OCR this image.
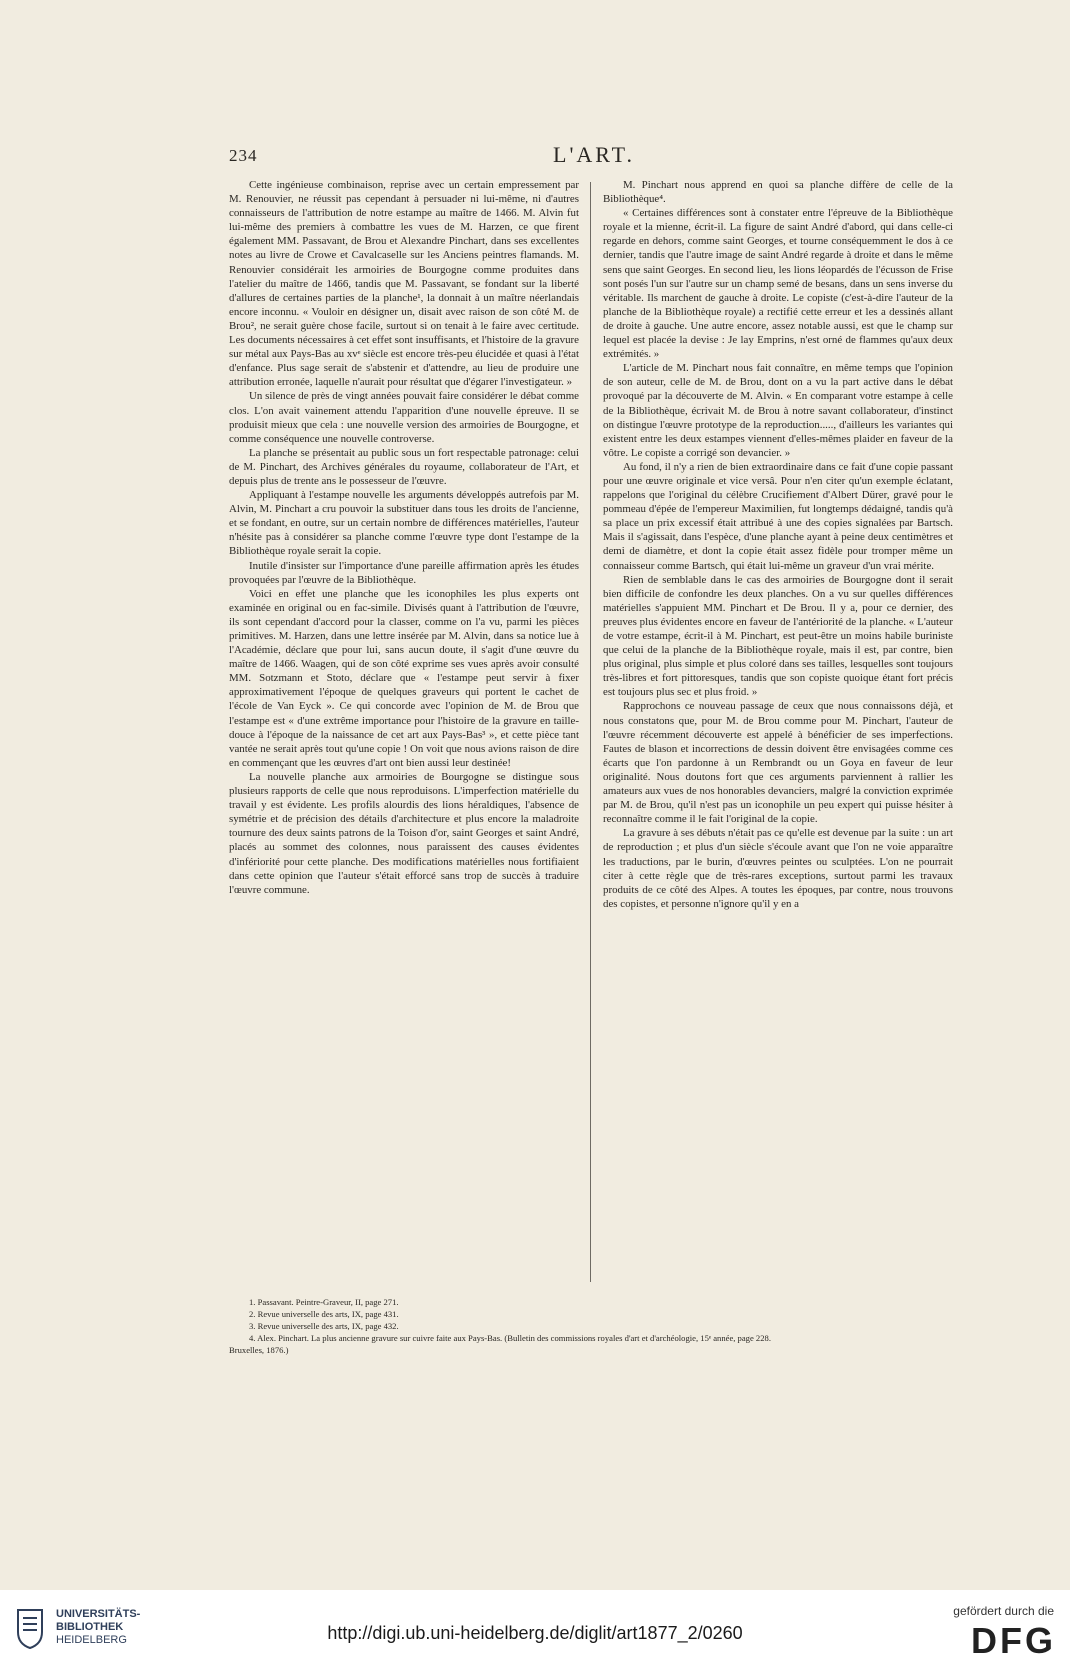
234	L'ART.

Cette ingénieuse combinaison, reprise avec un certain empressement par M. Renouvier, ne réussit pas cependant à persuader ni lui-même, ni d'autres connaisseurs de l'attribution de notre estampe au maître de 1466. M. Alvin fut lui-même des premiers à combattre les vues de M. Harzen, ce que firent également MM. Passavant, de Brou et Alexandre Pinchart, dans ses excellentes notes au livre de Crowe et Cavalcaselle sur les Anciens peintres flamands. M. Renouvier considérait les armoiries de Bourgogne comme produites dans l'atelier du maître de 1466, tandis que M. Passavant, se fondant sur la liberté d'allures de certaines parties de la planche¹, la donnait à un maître néerlandais encore inconnu. « Vouloir en désigner un, disait avec raison de son côté M. de Brou², ne serait guère chose facile, surtout si on tenait à le faire avec certitude. Les documents nécessaires à cet effet sont insuffisants, et l'histoire de la gravure sur métal aux Pays-Bas au xvᵉ siècle est encore très-peu élucidée et quasi à l'état d'enfance. Plus sage serait de s'abstenir et d'attendre, au lieu de produire une attribution erronée, laquelle n'aurait pour résultat que d'égarer l'investigateur. »

Un silence de près de vingt années pouvait faire considérer le débat comme clos. L'on avait vainement attendu l'apparition d'une nouvelle épreuve. Il se produisit mieux que cela : une nouvelle version des armoiries de Bourgogne, et comme conséquence une nouvelle controverse.

La planche se présentait au public sous un fort respectable patronage: celui de M. Pinchart, des Archives générales du royaume, collaborateur de l'Art, et depuis plus de trente ans le possesseur de l'œuvre.

Appliquant à l'estampe nouvelle les arguments développés autrefois par M. Alvin, M. Pinchart a cru pouvoir la substituer dans tous les droits de l'ancienne, et se fondant, en outre, sur un certain nombre de différences matérielles, l'auteur n'hésite pas à considérer sa planche comme l'œuvre type dont l'estampe de la Bibliothèque royale serait la copie.

Inutile d'insister sur l'importance d'une pareille affirmation après les études provoquées par l'œuvre de la Bibliothèque.

Voici en effet une planche que les iconophiles les plus experts ont examinée en original ou en fac-simile. Divisés quant à l'attribution de l'œuvre, ils sont cependant d'accord pour la classer, comme on l'a vu, parmi les pièces primitives. M. Harzen, dans une lettre insérée par M. Alvin, dans sa notice lue à l'Académie, déclare que pour lui, sans aucun doute, il s'agit d'une œuvre du maître de 1466. Waagen, qui de son côté exprime ses vues après avoir consulté MM. Sotzmann et Stoto, déclare que « l'estampe peut servir à fixer approximativement l'époque de quelques graveurs qui portent le cachet de l'école de Van Eyck ». Ce qui concorde avec l'opinion de M. de Brou que l'estampe est « d'une extrême importance pour l'histoire de la gravure en taille-douce à l'époque de la naissance de cet art aux Pays-Bas³ », et cette pièce tant vantée ne serait après tout qu'une copie ! On voit que nous avions raison de dire en commençant que les œuvres d'art ont bien aussi leur destinée!

La nouvelle planche aux armoiries de Bourgogne se distingue sous plusieurs rapports de celle que nous reproduisons. L'imperfection matérielle du travail y est évidente. Les profils alourdis des lions héraldiques, l'absence de symétrie et de précision des détails d'architecture et plus encore la maladroite tournure des deux saints patrons de la Toison d'or, saint Georges et saint André, placés au sommet des colonnes, nous paraissent des causes évidentes d'infériorité pour cette planche. Des modifications matérielles nous fortifiaient dans cette opinion que l'auteur s'était efforcé sans trop de succès à traduire l'œuvre commune.

M. Pinchart nous apprend en quoi sa planche diffère de celle de la Bibliothèque⁴.

« Certaines différences sont à constater entre l'épreuve de la Bibliothèque royale et la mienne, écrit-il. La figure de saint André d'abord, qui dans celle-ci regarde en dehors, comme saint Georges, et tourne conséquemment le dos à ce dernier, tandis que l'autre image de saint André regarde à droite et dans le même sens que saint Georges. En second lieu, les lions léopardés de l'écusson de Frise sont posés l'un sur l'autre sur un champ semé de besans, dans un sens inverse du véritable. Ils marchent de gauche à droite. Le copiste (c'est-à-dire l'auteur de la planche de la Bibliothèque royale) a rectifié cette erreur et les a dessinés allant de droite à gauche. Une autre encore, assez notable aussi, est que le champ sur lequel est placée la devise : Je lay Emprins, n'est orné de flammes qu'aux deux extrémités. »

L'article de M. Pinchart nous fait connaître, en même temps que l'opinion de son auteur, celle de M. de Brou, dont on a vu la part active dans le débat provoqué par la découverte de M. Alvin. « En comparant votre estampe à celle de la Bibliothèque, écrivait M. de Brou à notre savant collaborateur, d'instinct on distingue l'œuvre prototype de la reproduction....., d'ailleurs les variantes qui existent entre les deux estampes viennent d'elles-mêmes plaider en faveur de la vôtre. Le copiste a corrigé son devancier. »

Au fond, il n'y a rien de bien extraordinaire dans ce fait d'une copie passant pour une œuvre originale et vice versâ. Pour n'en citer qu'un exemple éclatant, rappelons que l'original du célèbre Crucifiement d'Albert Dürer, gravé pour le pommeau d'épée de l'empereur Maximilien, fut longtemps dédaigné, tandis qu'à sa place un prix excessif était attribué à une des copies signalées par Bartsch. Mais il s'agissait, dans l'espèce, d'une planche ayant à peine deux centimètres et demi de diamètre, et dont la copie était assez fidèle pour tromper même un connaisseur comme Bartsch, qui était lui-même un graveur d'un vrai mérite.

Rien de semblable dans le cas des armoiries de Bourgogne dont il serait bien difficile de confondre les deux planches. On a vu sur quelles différences matérielles s'appuient MM. Pinchart et De Brou. Il y a, pour ce dernier, des preuves plus évidentes encore en faveur de l'antériorité de la planche. « L'auteur de votre estampe, écrit-il à M. Pinchart, est peut-être un moins habile buriniste que celui de la planche de la Bibliothèque royale, mais il est, par contre, bien plus original, plus simple et plus coloré dans ses tailles, lesquelles sont toujours très-libres et fort pittoresques, tandis que son copiste quoique étant fort précis est toujours plus sec et plus froid. »

Rapprochons ce nouveau passage de ceux que nous connaissons déjà, et nous constatons que, pour M. de Brou comme pour M. Pinchart, l'auteur de l'œuvre récemment découverte est appelé à bénéficier de ses imperfections. Fautes de blason et incorrections de dessin doivent être envisagées comme ces écarts que l'on pardonne à un Rembrandt ou un Goya en faveur de leur originalité. Nous doutons fort que ces arguments parviennent à rallier les amateurs aux vues de nos honorables devanciers, malgré la conviction exprimée par M. de Brou, qu'il n'est pas un iconophile un peu expert qui puisse hésiter à reconnaître comme il le fait l'original de la copie.

La gravure à ses débuts n'était pas ce qu'elle est devenue par la suite : un art de reproduction ; et plus d'un siècle s'écoule avant que l'on ne voie apparaître les traductions, par le burin, d'œuvres peintes ou sculptées. L'on ne pourrait citer à cette règle que de très-rares exceptions, surtout parmi les travaux produits de ce côté des Alpes. A toutes les époques, par contre, nous trouvons des copistes, et personne n'ignore qu'il y en a

1. Passavant. Peintre-Graveur, II, page 271.
2. Revue universelle des arts, IX, page 431.
3. Revue universelle des arts, IX, page 432.
4. Alex. Pinchart. La plus ancienne gravure sur cuivre faite aux Pays-Bas. (Bulletin des commissions royales d'art et d'archéologie, 15ᵉ année, page 228.
Bruxelles, 1876.)
UNIVERSITÄTS-
BIBLIOTHEK
HEIDELBERG	http://digi.ub.uni-heidelberg.de/diglit/art1877_2/0260
gefördert durch die
DFG
